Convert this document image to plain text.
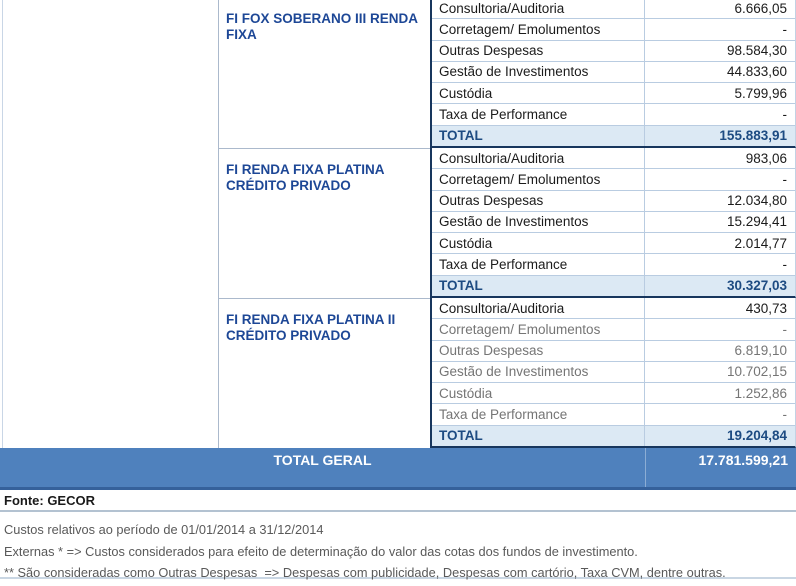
FI FOX SOBERANO III RENDA FIXA
Consultoria/Auditoria	6.666,05
Corretagem/ Emolumentos	-
Outras Despesas	98.584,30
Gestão de Investimentos	44.833,60
Custódia	5.799,96
Taxa de Performance	-
TOTAL	155.883,91
FI RENDA FIXA PLATINA CRÉDITO PRIVADO
Consultoria/Auditoria	983,06
Corretagem/ Emolumentos	-
Outras Despesas	12.034,80
Gestão de Investimentos	15.294,41
Custódia	2.014,77
Taxa de Performance	-
TOTAL	30.327,03
FI RENDA FIXA PLATINA II CRÉDITO PRIVADO
Consultoria/Auditoria	430,73
Corretagem/ Emolumentos	-
Outras Despesas	6.819,10
Gestão de Investimentos	10.702,15
Custódia	1.252,86
Taxa de Performance	-
TOTAL	19.204,84
TOTAL GERAL	17.781.599,21
Fonte: GECOR
Custos relativos ao período de 01/01/2014 a 31/12/2014
Externas * => Custos considerados para efeito de determinação do valor das cotas dos fundos de investimento.
** São consideradas como Outras Despesas  => Despesas com publicidade, Despesas com cartório, Taxa CVM, dentre outras.
